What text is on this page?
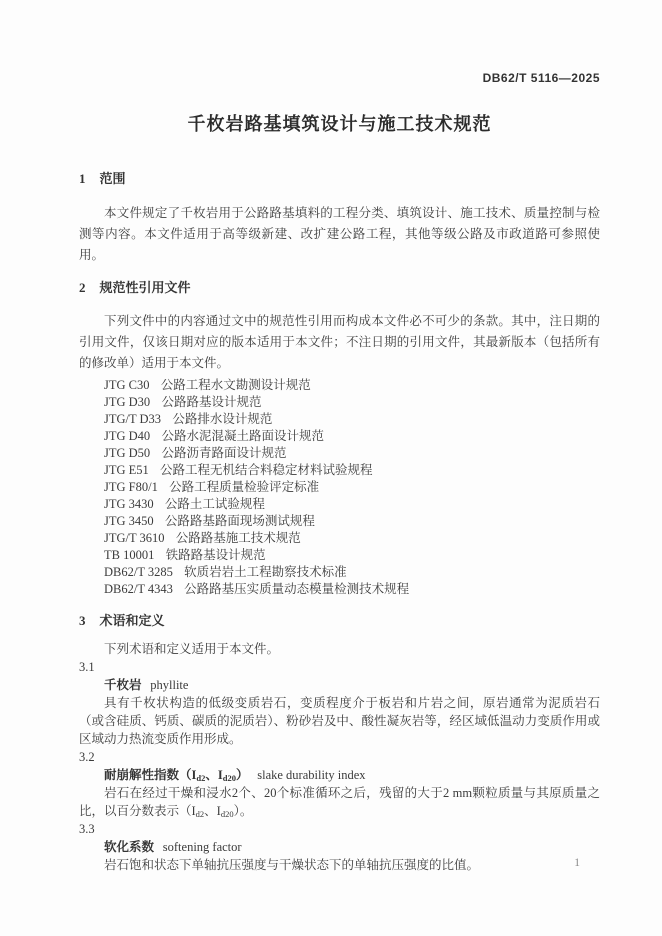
DB62/T 5116—2025
千枚岩路基填筑设计与施工技术规范
1 范围

本文件规定了千枚岩用于公路路基填料的工程分类、填筑设计、施工技术、质量控制与检测等内容。本文件适用于高等级新建、改扩建公路工程，其他等级公路及市政道路可参照使用。

2 规范性引用文件

下列文件中的内容通过文中的规范性引用而构成本文件必不可少的条款。其中，注日期的引用文件，仅该日期对应的版本适用于本文件；不注日期的引用文件，其最新版本（包括所有的修改单）适用于本文件。

JTG C30 公路工程水文勘测设计规范
JTG D30 公路路基设计规范
JTG/T D33 公路排水设计规范
JTG D40 公路水泥混凝土路面设计规范
JTG D50 公路沥青路面设计规范
JTG E51 公路工程无机结合料稳定材料试验规程
JTG F80/1 公路工程质量检验评定标准
JTG 3430 公路土工试验规程
JTG 3450 公路路基路面现场测试规程
JTG/T 3610 公路路基施工技术规范
TB 10001 铁路路基设计规范
DB62/T 3285 软质岩岩土工程勘察技术标准
DB62/T 4343 公路路基压实质量动态模量检测技术规程
3 术语和定义
下列术语和定义适用于本文件。
3.1
千枚岩 phyllite

具有千枚状构造的低级变质岩石，变质程度介于板岩和片岩之间，原岩通常为泥质岩石（或含硅质、钙质、碳质的泥质岩）、粉砂岩及中、酸性凝灰岩等，经区域低温动力变质作用或区域动力热流变质作用形成。

3.2
耐崩解性指数（$I_{d2}$、$I_{d20}$） slake durability index

岩石在经过干燥和浸水2个、20个标准循环之后，残留的大于2 mm颗粒质量与其原质量之比，以百分数表示（$I_{d2}$、$I_{d20}$）。

3.3
软化系数 softening factor

岩石饱和状态下单轴抗压强度与干燥状态下的单轴抗压强度的比值。	1
